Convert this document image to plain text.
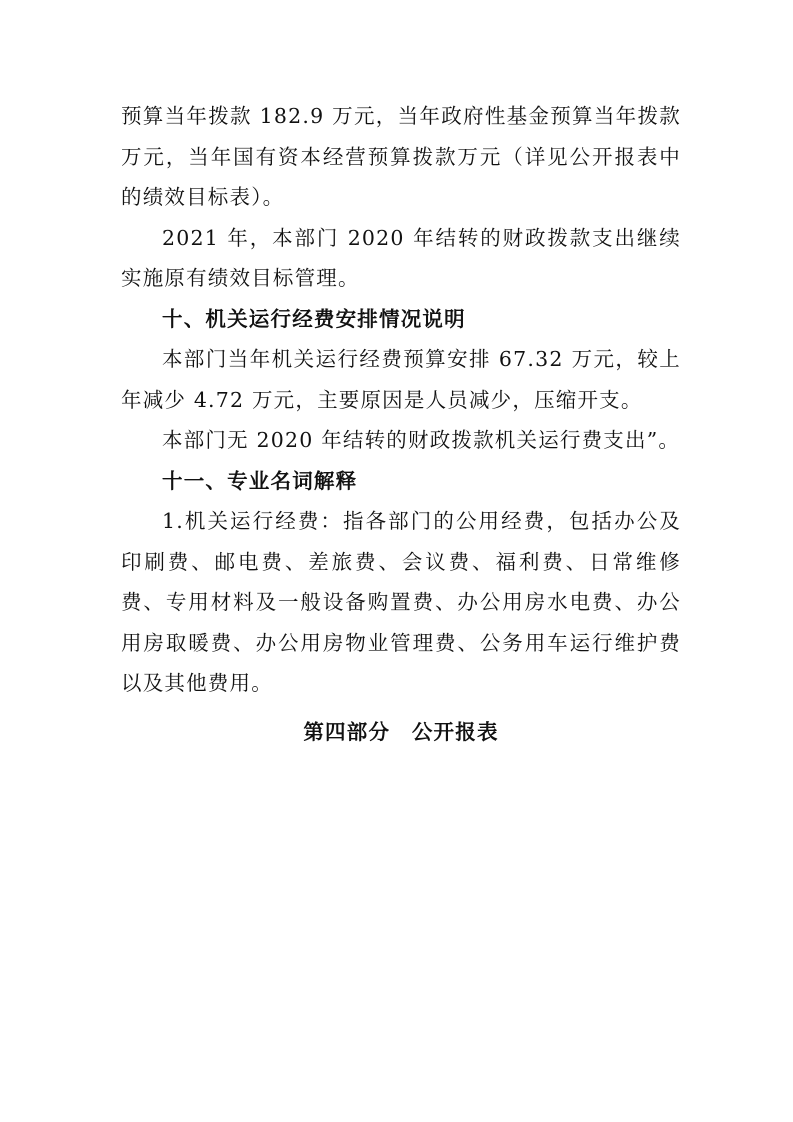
预算当年拨款 182.9 万元，当年政府性基金预算当年拨款万元，当年国有资本经营预算拨款万元（详见公开报表中的绩效目标表）。

2021 年，本部门 2020 年结转的财政拨款支出继续实施原有绩效目标管理。

十、机关运行经费安排情况说明

本部门当年机关运行经费预算安排 67.32 万元，较上年减少 4.72 万元，主要原因是人员减少，压缩开支。

本部门无 2020 年结转的财政拨款机关运行费支出”。

十一、专业名词解释

1.机关运行经费：指各部门的公用经费，包括办公及印刷费、邮电费、差旅费、会议费、福利费、日常维修费、专用材料及一般设备购置费、办公用房水电费、办公用房取暖费、办公用房物业管理费、公务用车运行维护费以及其他费用。

第四部分　公开报表
